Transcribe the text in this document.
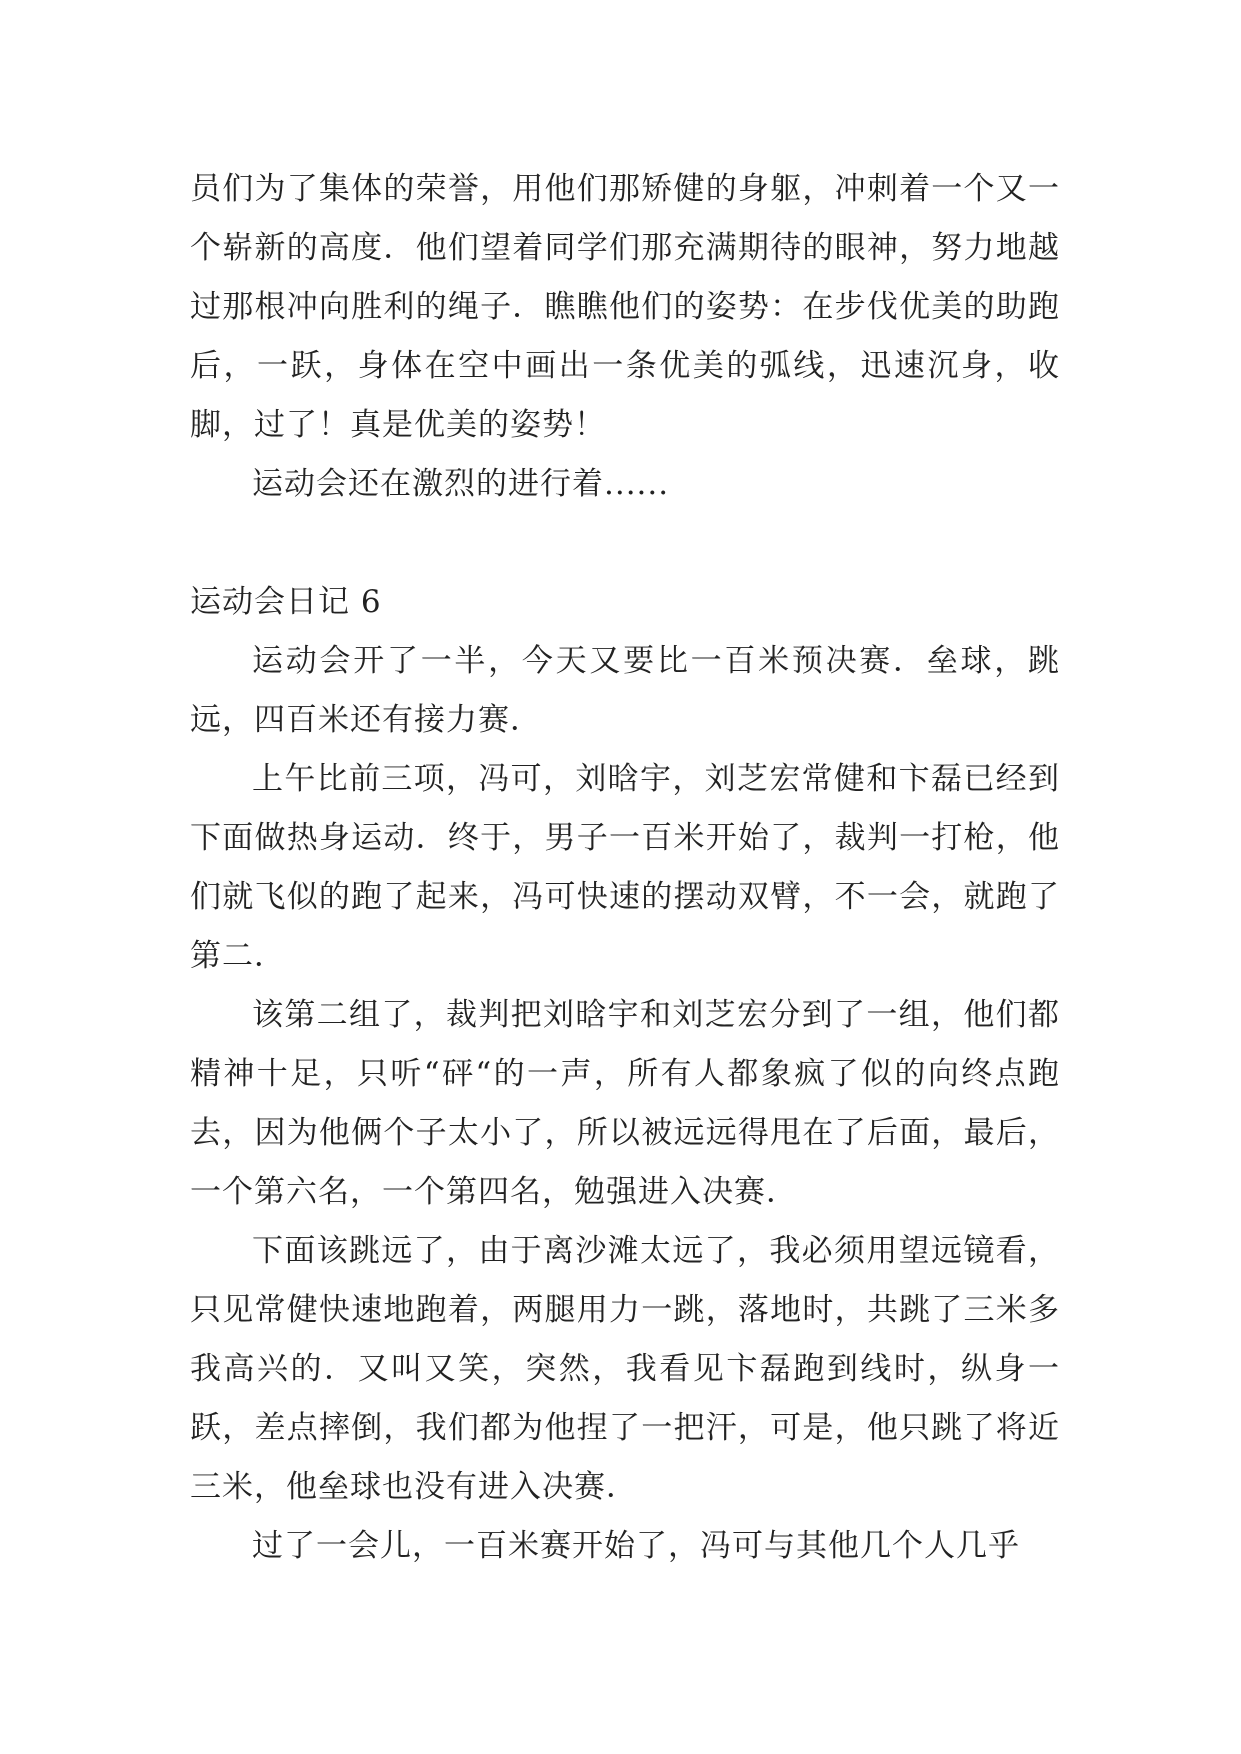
员们为了集体的荣誉，用他们那矫健的身躯，冲刺着一个又一个崭新的高度．他们望着同学们那充满期待的眼神，努力地越过那根冲向胜利的绳子．瞧瞧他们的姿势：在步伐优美的助跑后，一跃，身体在空中画出一条优美的弧线，迅速沉身，收脚，过了！真是优美的姿势！

运动会还在激烈的进行着......

运动会日记 6

运动会开了一半，今天又要比一百米预决赛．垒球，跳远，四百米还有接力赛．

上午比前三项，冯可，刘晗宇，刘芝宏常健和卞磊已经到下面做热身运动．终于，男子一百米开始了，裁判一打枪，他们就飞似的跑了起来，冯可快速的摆动双臂，不一会，就跑了第二．

该第二组了，裁判把刘晗宇和刘芝宏分到了一组，他们都精神十足，只听“砰“的一声，所有人都象疯了似的向终点跑去，因为他俩个子太小了，所以被远远得甩在了后面，最后，一个第六名，一个第四名，勉强进入决赛．

下面该跳远了，由于离沙滩太远了，我必须用望远镜看，只见常健快速地跑着，两腿用力一跳，落地时，共跳了三米多我高兴的．又叫又笑，突然，我看见卞磊跑到线时，纵身一跃，差点摔倒，我们都为他捏了一把汗，可是，他只跳了将近三米，他垒球也没有进入决赛．

过了一会儿，一百米赛开始了，冯可与其他几个人几乎
